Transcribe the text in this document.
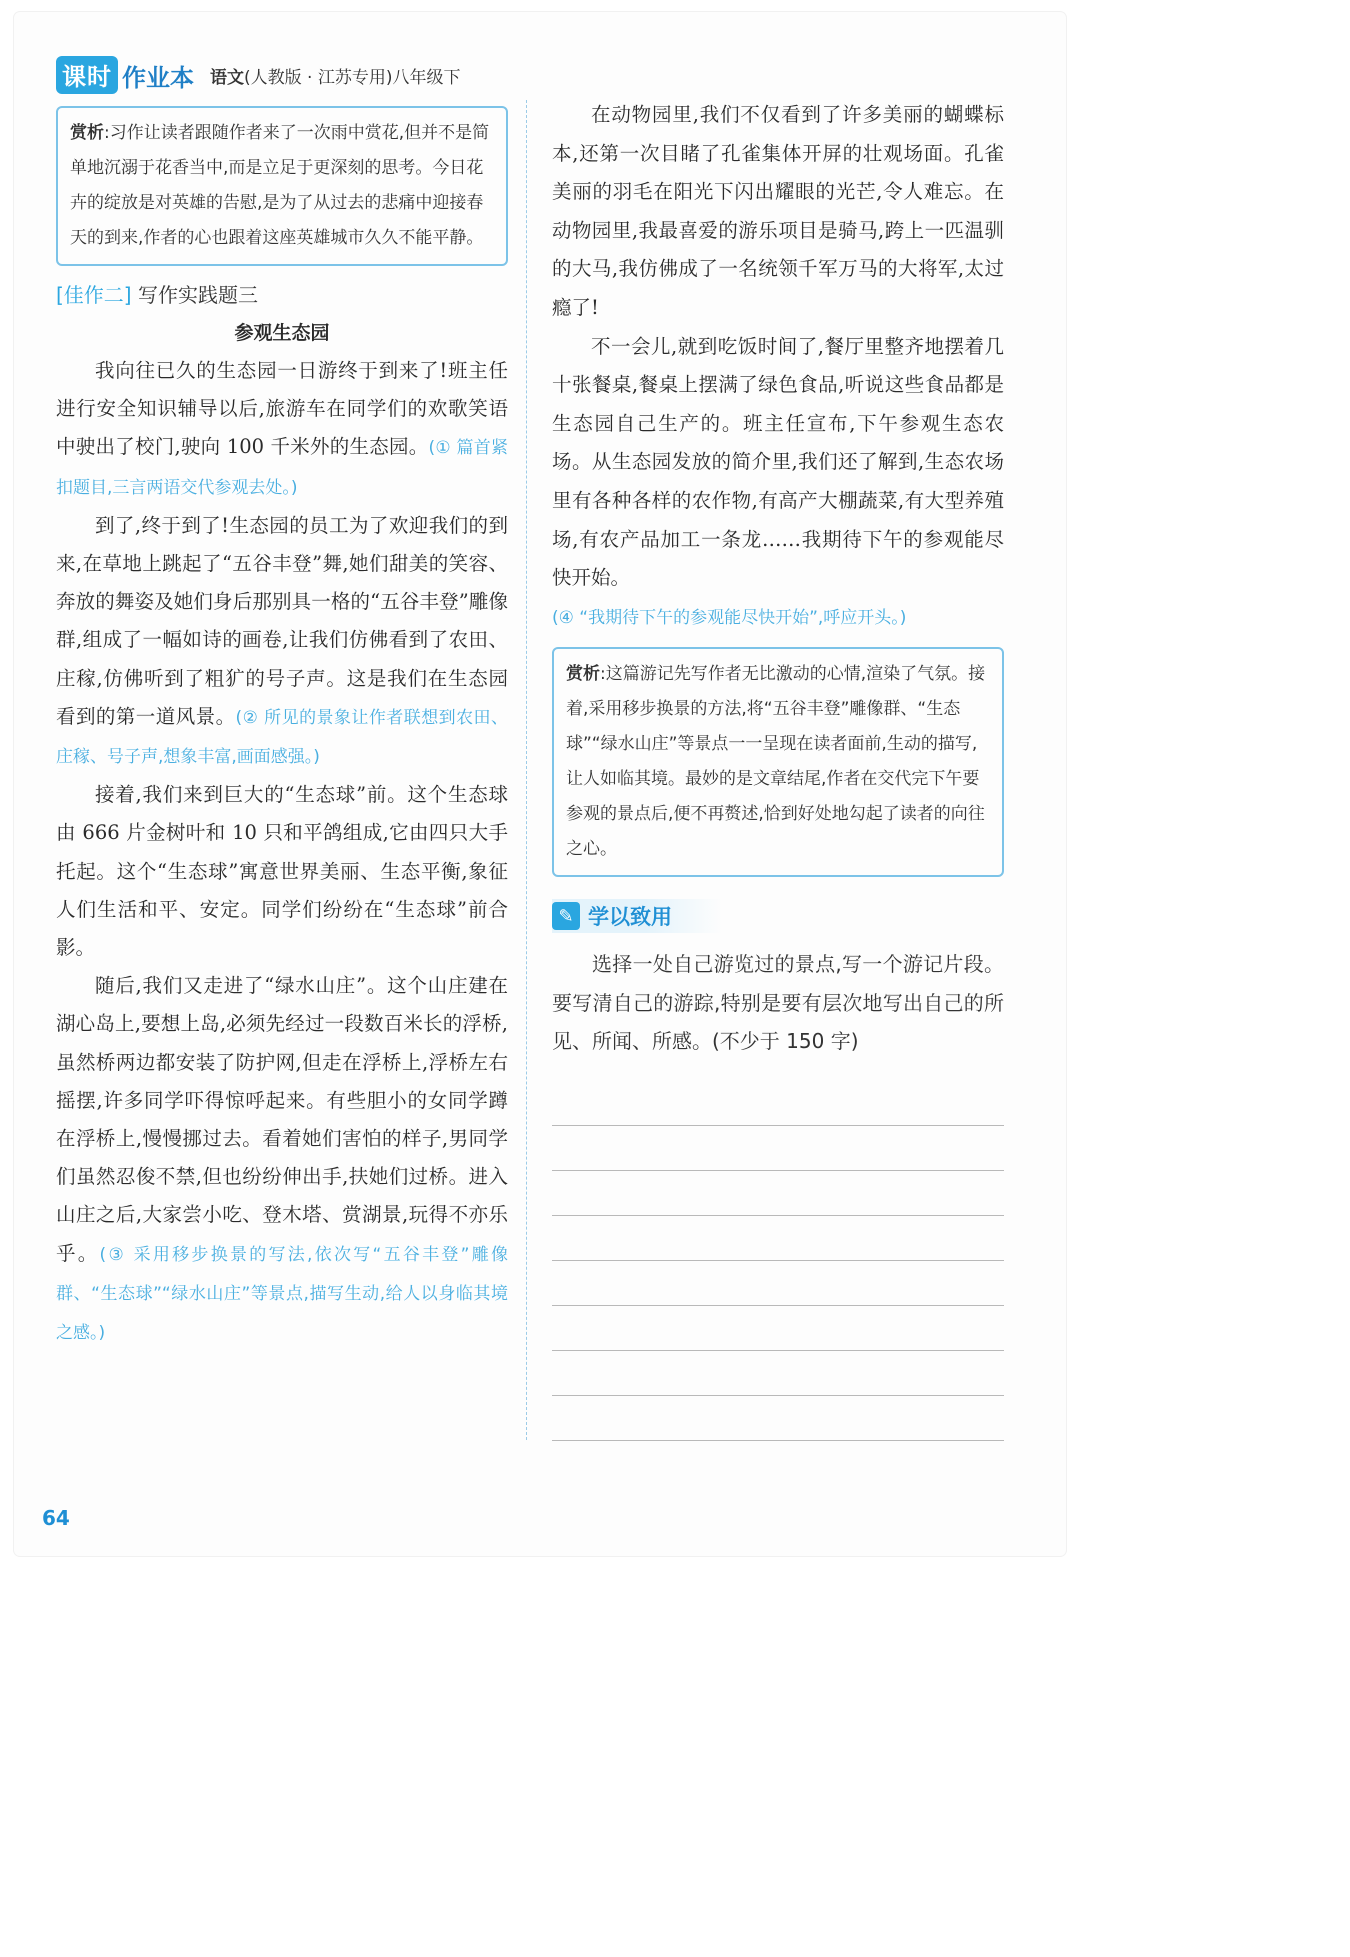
课时 作业本 语文(人教版 · 江苏专用)八年级下
赏析:习作让读者跟随作者来了一次雨中赏花,但并不是简单地沉溺于花香当中,而是立足于更深刻的思考。今日花卉的绽放是对英雄的告慰,是为了从过去的悲痛中迎接春天的到来,作者的心也跟着这座英雄城市久久不能平静。
[佳作二] 写作实践题三
参观生态园

我向往已久的生态园一日游终于到来了!班主任进行安全知识辅导以后,旅游车在同学们的欢歌笑语中驶出了校门,驶向 100 千米外的生态园。(① 篇首紧扣题目,三言两语交代参观去处。)

到了,终于到了!生态园的员工为了欢迎我们的到来,在草地上跳起了“五谷丰登”舞,她们甜美的笑容、奔放的舞姿及她们身后那别具一格的“五谷丰登”雕像群,组成了一幅如诗的画卷,让我们仿佛看到了农田、庄稼,仿佛听到了粗犷的号子声。这是我们在生态园看到的第一道风景。(② 所见的景象让作者联想到农田、庄稼、号子声,想象丰富,画面感强。)

接着,我们来到巨大的“生态球”前。这个生态球由 666 片金树叶和 10 只和平鸽组成,它由四只大手托起。这个“生态球”寓意世界美丽、生态平衡,象征人们生活和平、安定。同学们纷纷在“生态球”前合影。

随后,我们又走进了“绿水山庄”。这个山庄建在湖心岛上,要想上岛,必须先经过一段数百米长的浮桥,虽然桥两边都安装了防护网,但走在浮桥上,浮桥左右摇摆,许多同学吓得惊呼起来。有些胆小的女同学蹲在浮桥上,慢慢挪过去。看着她们害怕的样子,男同学们虽然忍俊不禁,但也纷纷伸出手,扶她们过桥。进入山庄之后,大家尝小吃、登木塔、赏湖景,玩得不亦乐乎。(③ 采用移步换景的写法,依次写“五谷丰登”雕像群、“生态球”“绿水山庄”等景点,描写生动,给人以身临其境之感。)

在动物园里,我们不仅看到了许多美丽的蝴蝶标本,还第一次目睹了孔雀集体开屏的壮观场面。孔雀美丽的羽毛在阳光下闪出耀眼的光芒,令人难忘。在动物园里,我最喜爱的游乐项目是骑马,跨上一匹温驯的大马,我仿佛成了一名统领千军万马的大将军,太过瘾了!

不一会儿,就到吃饭时间了,餐厅里整齐地摆着几十张餐桌,餐桌上摆满了绿色食品,听说这些食品都是生态园自己生产的。班主任宣布,下午参观生态农场。从生态园发放的简介里,我们还了解到,生态农场里有各种各样的农作物,有高产大棚蔬菜,有大型养殖场,有农产品加工一条龙……我期待下午的参观能尽快开始。

(④ “我期待下午的参观能尽快开始”,呼应开头。)

赏析:这篇游记先写作者无比激动的心情,渲染了气氛。接着,采用移步换景的方法,将“五谷丰登”雕像群、“生态球”“绿水山庄”等景点一一呈现在读者面前,生动的描写,让人如临其境。最妙的是文章结尾,作者在交代完下午要参观的景点后,便不再赘述,恰到好处地勾起了读者的向往之心。
✎ 学以致用
选择一处自己游览过的景点,写一个游记片段。要写清自己的游踪,特别是要有层次地写出自己的所见、所闻、所感。(不少于 150 字)
64
